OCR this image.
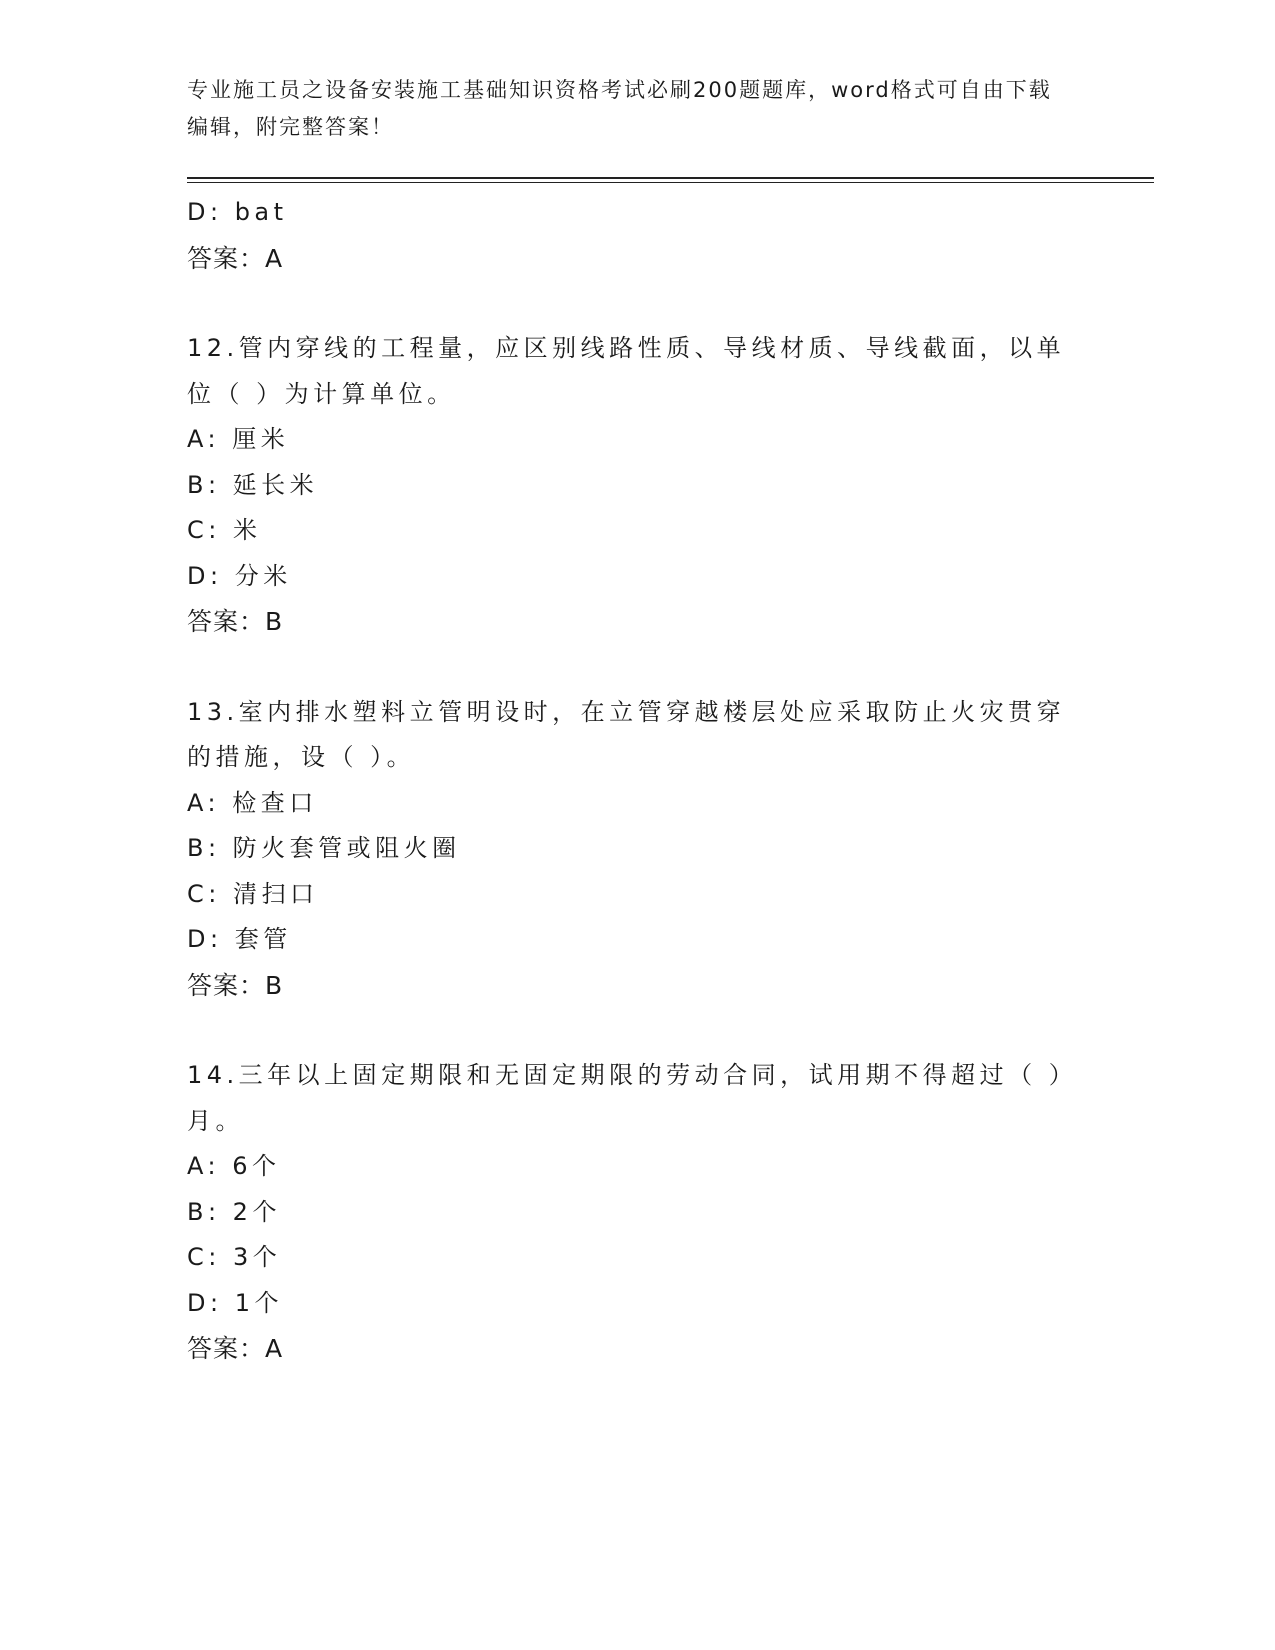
专业施工员之设备安装施工基础知识资格考试必刷200题题库，word格式可自由下载编辑，附完整答案！
D: bat
答案：A
12.管内穿线的工程量，应区别线路性质、导线材质、导线截面，以单位（ ）为计算单位。
A: 厘米
B: 延长米
C: 米
D: 分米
答案：B
13.室内排水塑料立管明设时，在立管穿越楼层处应采取防止火灾贯穿的措施，设（ ）。
A: 检查口
B: 防火套管或阻火圈
C: 清扫口
D: 套管
答案：B
14.三年以上固定期限和无固定期限的劳动合同，试用期不得超过（ ）月。
A: 6个
B: 2个
C: 3个
D: 1个
答案：A
